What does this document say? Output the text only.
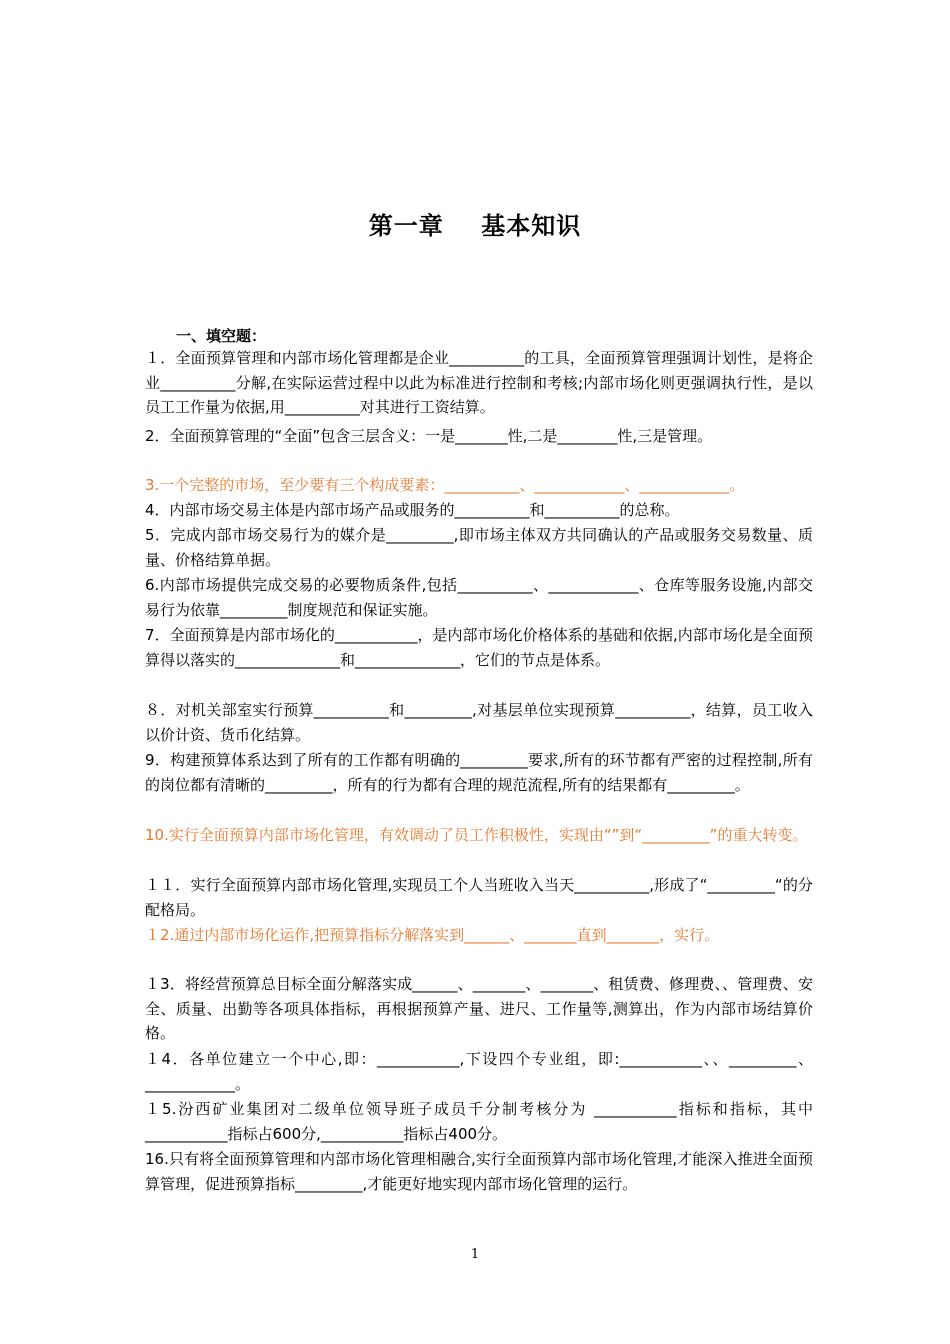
第一章    基本知识
一、填空题：
１．全面预算管理和内部市场化管理都是企业__________的工具，全面预算管理强调计划性，是将企业__________分解,在实际运营过程中以此为标准进行控制和考核;内部市场化则更强调执行性，是以员工工作量为依据,用__________对其进行工资结算。
2．全面预算管理的“全面”包含三层含义：一是_______性,二是________性,三是管理。
3.一个完整的市场，至少要有三个构成要素：__________、____________、____________。
4．内部市场交易主体是内部市场产品或服务的__________和__________的总称。
5．完成内部市场交易行为的媒介是_________,即市场主体双方共同确认的产品或服务交易数量、质量、价格结算单据。
6.内部市场提供完成交易的必要物质条件,包括__________、____________、仓库等服务设施,内部交易行为依靠_________制度规范和保证实施。
7．全面预算是内部市场化的___________，是内部市场化价格体系的基础和依据,内部市场化是全面预算得以落实的______________和______________，它们的节点是体系。
８．对机关部室实行预算__________和_________,对基层单位实现预算__________，结算，员工收入以价计资、货币化结算。
9．构建预算体系达到了所有的工作都有明确的_________要求,所有的环节都有严密的过程控制,所有的岗位都有清晰的_________，所有的行为都有合理的规范流程,所有的结果都有_________。
10.实行全面预算内部市场化管理，有效调动了员工作积极性，实现由“”到“_________”的重大转变。
１１．实行全面预算内部市场化管理,实现员工个人当班收入当天__________,形成了“_________“的分配格局。
１2.通过内部市场化运作,把预算指标分解落实到______、_______直到_______，实行。
１3．将经营预算总目标全面分解落实成______、_______、_______、租赁费、修理费、、管理费、安全、质量、出勤等各项具体指标，再根据预算产量、进尺、工作量等,测算出，作为内部市场结算价格。
１4．各单位建立一个中心,即：___________,下设四个专业组，即:___________、、_________、____________。
１5.汾西矿业集团对二级单位领导班子成员千分制考核分为 ___________指标和指标，其中___________指标占600分,___________指标占400分。
16.只有将全面预算管理和内部市场化管理相融合,实行全面预算内部市场化管理,才能深入推进全面预算管理，促进预算指标_________,才能更好地实现内部市场化管理的运行。
1
